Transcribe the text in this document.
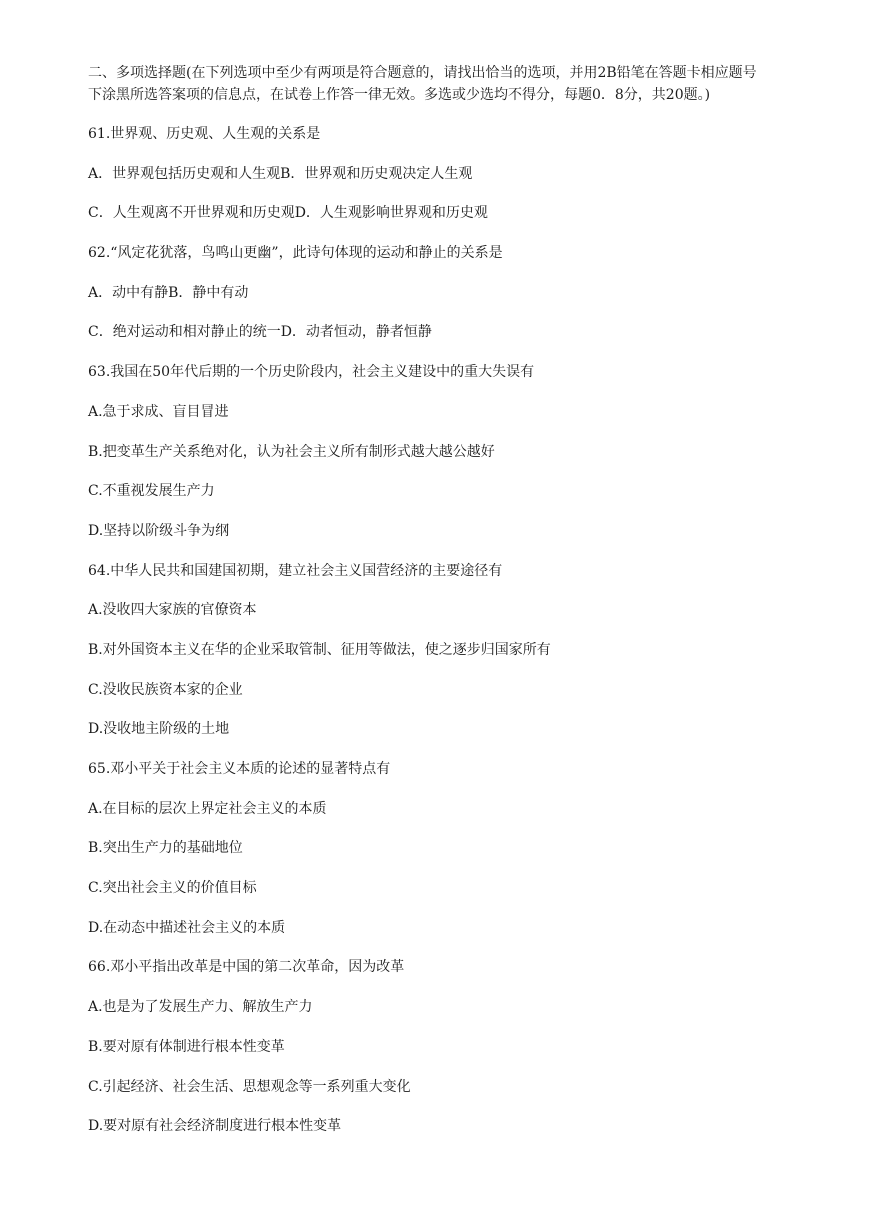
二、多项选择题(在下列选项中至少有两项是符合题意的，请找出恰当的选项，并用2B铅笔在答题卡相应题号
下涂黑所选答案项的信息点，在试卷上作答一律无效。多选或少选均不得分，每题0．8分，共20题。)
61.世界观、历史观、人生观的关系是
A．世界观包括历史观和人生观B．世界观和历史观决定人生观
C．人生观离不开世界观和历史观D．人生观影响世界观和历史观
62.“风定花犹落，鸟鸣山更幽”，此诗句体现的运动和静止的关系是
A．动中有静B．静中有动
C．绝对运动和相对静止的统一D．动者恒动，静者恒静
63.我国在50年代后期的一个历史阶段内，社会主义建设中的重大失误有
A.急于求成、盲目冒进
B.把变革生产关系绝对化，认为社会主义所有制形式越大越公越好
C.不重视发展生产力
D.坚持以阶级斗争为纲
64.中华人民共和国建国初期，建立社会主义国营经济的主要途径有
A.没收四大家族的官僚资本
B.对外国资本主义在华的企业采取管制、征用等做法，使之逐步归国家所有
C.没收民族资本家的企业
D.没收地主阶级的土地
65.邓小平关于社会主义本质的论述的显著特点有
A.在目标的层次上界定社会主义的本质
B.突出生产力的基础地位
C.突出社会主义的价值目标
D.在动态中描述社会主义的本质
66.邓小平指出改革是中国的第二次革命，因为改革
A.也是为了发展生产力、解放生产力
B.要对原有体制进行根本性变革
C.引起经济、社会生活、思想观念等一系列重大变化
D.要对原有社会经济制度进行根本性变革
